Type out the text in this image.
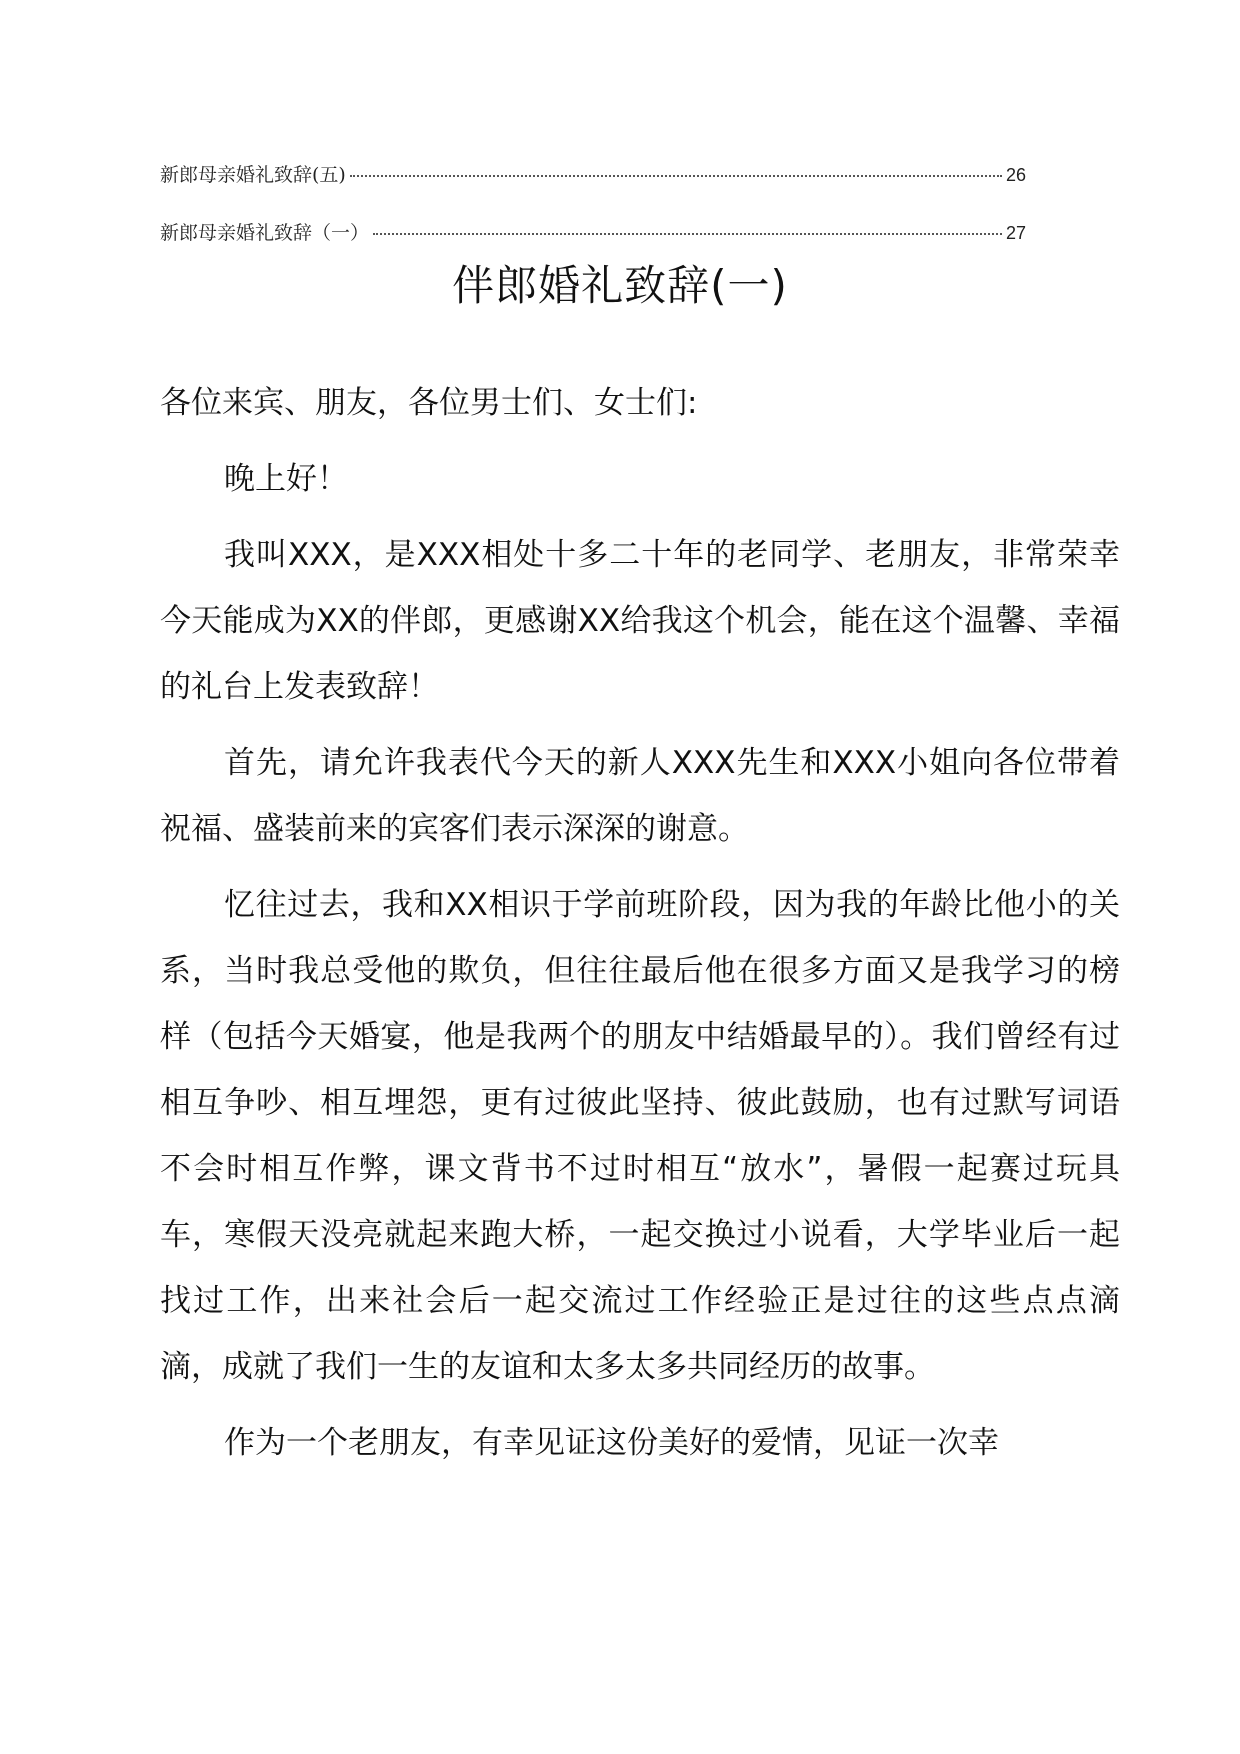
新郎母亲婚礼致辞(五)	26
新郎母亲婚礼致辞（一）	27
伴郎婚礼致辞(一)

各位来宾、朋友，各位男士们、女士们:

晚上好！

我叫XXX，是XXX相处十多二十年的老同学、老朋友，非常荣幸今天能成为XX的伴郎，更感谢XX给我这个机会，能在这个温馨、幸福的礼台上发表致辞！

首先，请允许我表代今天的新人XXX先生和XXX小姐向各位带着祝福、盛装前来的宾客们表示深深的谢意。

忆往过去，我和XX相识于学前班阶段，因为我的年龄比他小的关系，当时我总受他的欺负，但往往最后他在很多方面又是我学习的榜样（包括今天婚宴，他是我两个的朋友中结婚最早的）。我们曾经有过相互争吵、相互埋怨，更有过彼此坚持、彼此鼓励，也有过默写词语不会时相互作弊，课文背书不过时相互“放水”，暑假一起赛过玩具车，寒假天没亮就起来跑大桥，一起交换过小说看，大学毕业后一起找过工作，出来社会后一起交流过工作经验正是过往的这些点点滴滴，成就了我们一生的友谊和太多太多共同经历的故事。

作为一个老朋友，有幸见证这份美好的爱情，见证一次幸
